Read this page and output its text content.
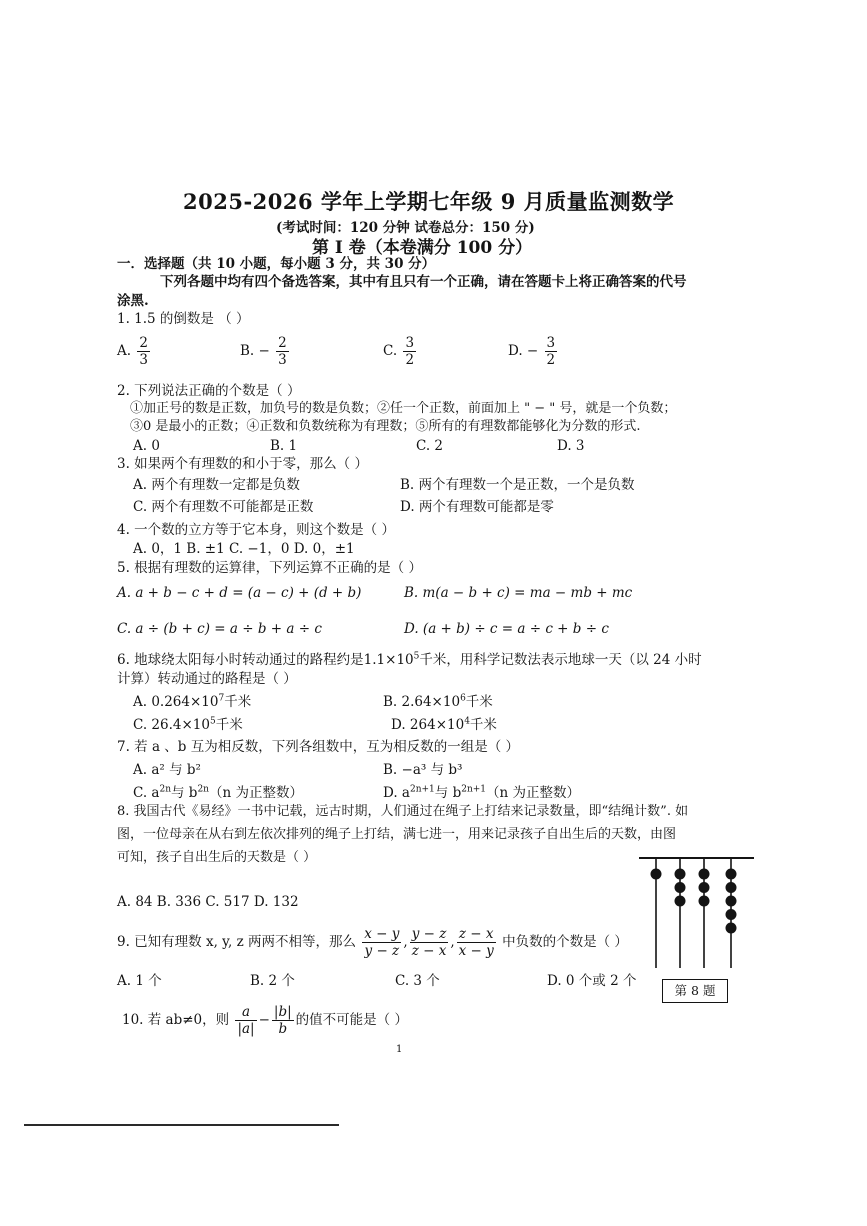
2025-2026 学年上学期七年级 9 月质量监测数学
(考试时间：120 分钟 试卷总分：150 分)
第 I 卷（本卷满分 100 分）
一．选择题（共 10 小题，每小题 3 分，共 30 分）
下列各题中均有四个备选答案，其中有且只有一个正确，请在答题卡上将正确答案的代号
涂黑.
1. 1.5 的倒数是 （ ）
A. $\frac{2}{3}$	B. − $\frac{2}{3}$	C. $\frac{3}{2}$	D. − $\frac{3}{2}$
2. 下列说法正确的个数是（ ）
①加正号的数是正数，加负号的数是负数；②任一个正数，前面加上 " − " 号，就是一个负数；
③0 是最小的正数；④正数和负数统称为有理数；⑤所有的有理数都能够化为分数的形式.
A. 0	B. 1	C. 2	D. 3
3. 如果两个有理数的和小于零，那么（ ）
A. 两个有理数一定都是负数	B. 两个有理数一个是正数，一个是负数
C. 两个有理数不可能都是正数	D. 两个有理数可能都是零
4. 一个数的立方等于它本身，则这个数是（ ）
A. 0，1 B. ±1 C. −1，0 D. 0，±1
5. 根据有理数的运算律，下列运算不正确的是（ ）
A. a + b − c + d = (a − c) + (d + b)	B. m(a − b + c) = ma − mb + mc
C. a ÷ (b + c) = a ÷ b + a ÷ c	D. (a + b) ÷ c = a ÷ c + b ÷ c
6. 地球绕太阳每小时转动通过的路程约是$1.1\times 10^5$千米，用科学记数法表示地球一天（以 24 小时
计算）转动通过的路程是（ ）
A. $0.264\times 10^7$千米	B. $2.64\times 10^6$千米
C. $26.4\times 10^5$千米	D. $264\times 10^4$千米
7. 若 a 、b 互为相反数，下列各组数中，互为相反数的一组是（ ）
A. a² 与 b²	B. −a³ 与 b³
C. $a^{2n}$与 $b^{2n}(n$ 为正整数）	D. $a^{2n+1}$与 $b^{2n+1}(n$ 为正整数）
8. 我国古代《易经》一书中记载，远古时期，人们通过在绳子上打结来记录数量，即“结绳计数”. 如
图，一位母亲在从右到左依次排列的绳子上打结，满七进一，用来记录孩子自出生后的天数，由图
可知，孩子自出生后的天数是（ ）
A. 84 B. 336 C. 517 D. 132
第 8 题
9. 已知有理数 x, y, z 两两不相等，那么 $\frac{x - y}{y - z}$ , $\frac{y - z}{z - x}$ , $\frac{z - x}{x - y}$ 中负数的个数是（ ）
A. 1 个	B. 2 个	C. 3 个	D. 0 个或 2 个
10. 若 ab≠0，则 $\frac{a}{|a|} - \frac{|b|}{b}$ 的值不可能是（ ）
1
